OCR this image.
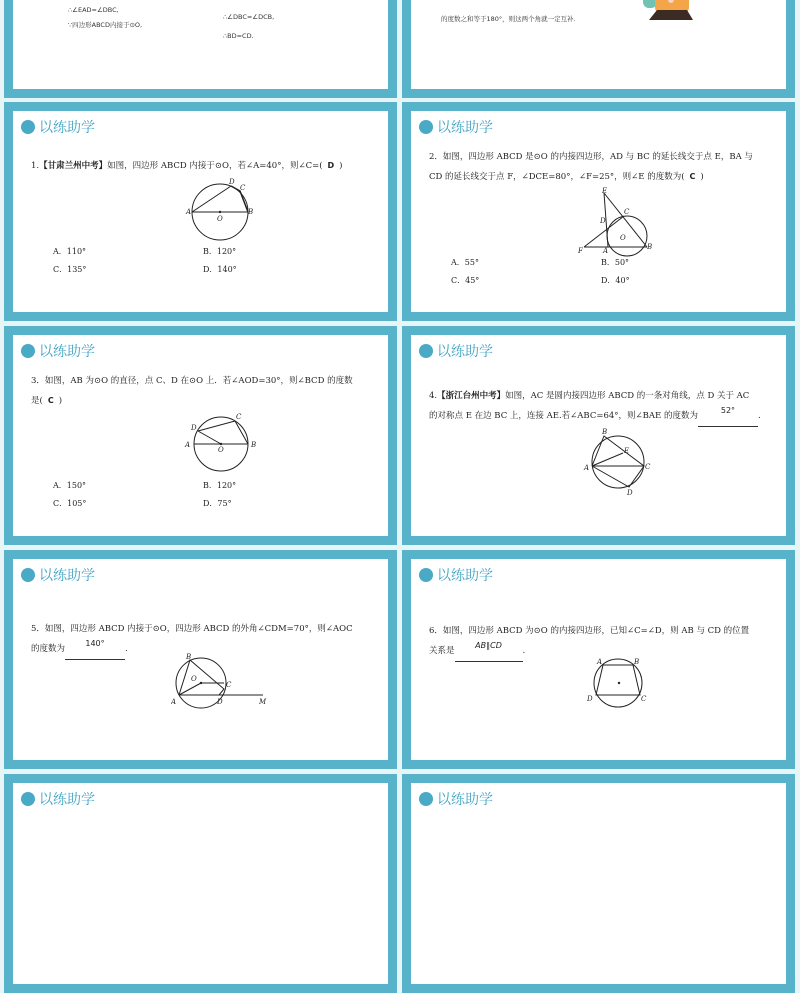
∴∠EAD=∠DBC,
∵四边形ABCD内接于⊙O,
∴∠DBC=∠DCB,
∴BD=CD.
的度数之和等于180°，则这两个角就一定互补.
以练助学
1.【甘肃兰州中考】如图，四边形 ABCD 内接于⊙O，若∠A=40°，则∠C=( D )
A	B
C
D
O
A．110°	B．120°
C．135°	D．140°
以练助学
2．如图，四边形 ABCD 是⊙O 的内接四边形，AD 与 BC 的延长线交于点 E，BA 与
CD 的延长线交于点 F，∠DCE=80°，∠F=25°，则∠E 的度数为( C )
E
C
D
O
F	A	B
A．55°	B．50°
C．45°	D．40°
以练助学
3．如图，AB 为⊙O 的直径，点 C、D 在⊙O 上．若∠AOD=30°，则∠BCD 的度数
是( C )
A	B
C
D
O
A．150°	B．120°
C．105°	D．75°
以练助学
4.【浙江台州中考】如图，AC 是圆内接四边形 ABCD 的一条对角线，点 D 关于 AC
的对称点 E 在边 BC 上，连接 AE.若∠ABC=64°，则∠BAE 的度数为52°.
B
E
A	C
D
以练助学
5．如图，四边形 ABCD 内接于⊙O，四边形 ABCD 的外角∠CDM=70°，则∠AOC
的度数为140°.
B
O
C
A	D	M
以练助学
6．如图，四边形 ABCD 为⊙O 的内接四边形，已知∠C=∠D，则 AB 与 CD 的位置
关系是AB∥CD.
A	B
C
D
以练助学	以练助学
